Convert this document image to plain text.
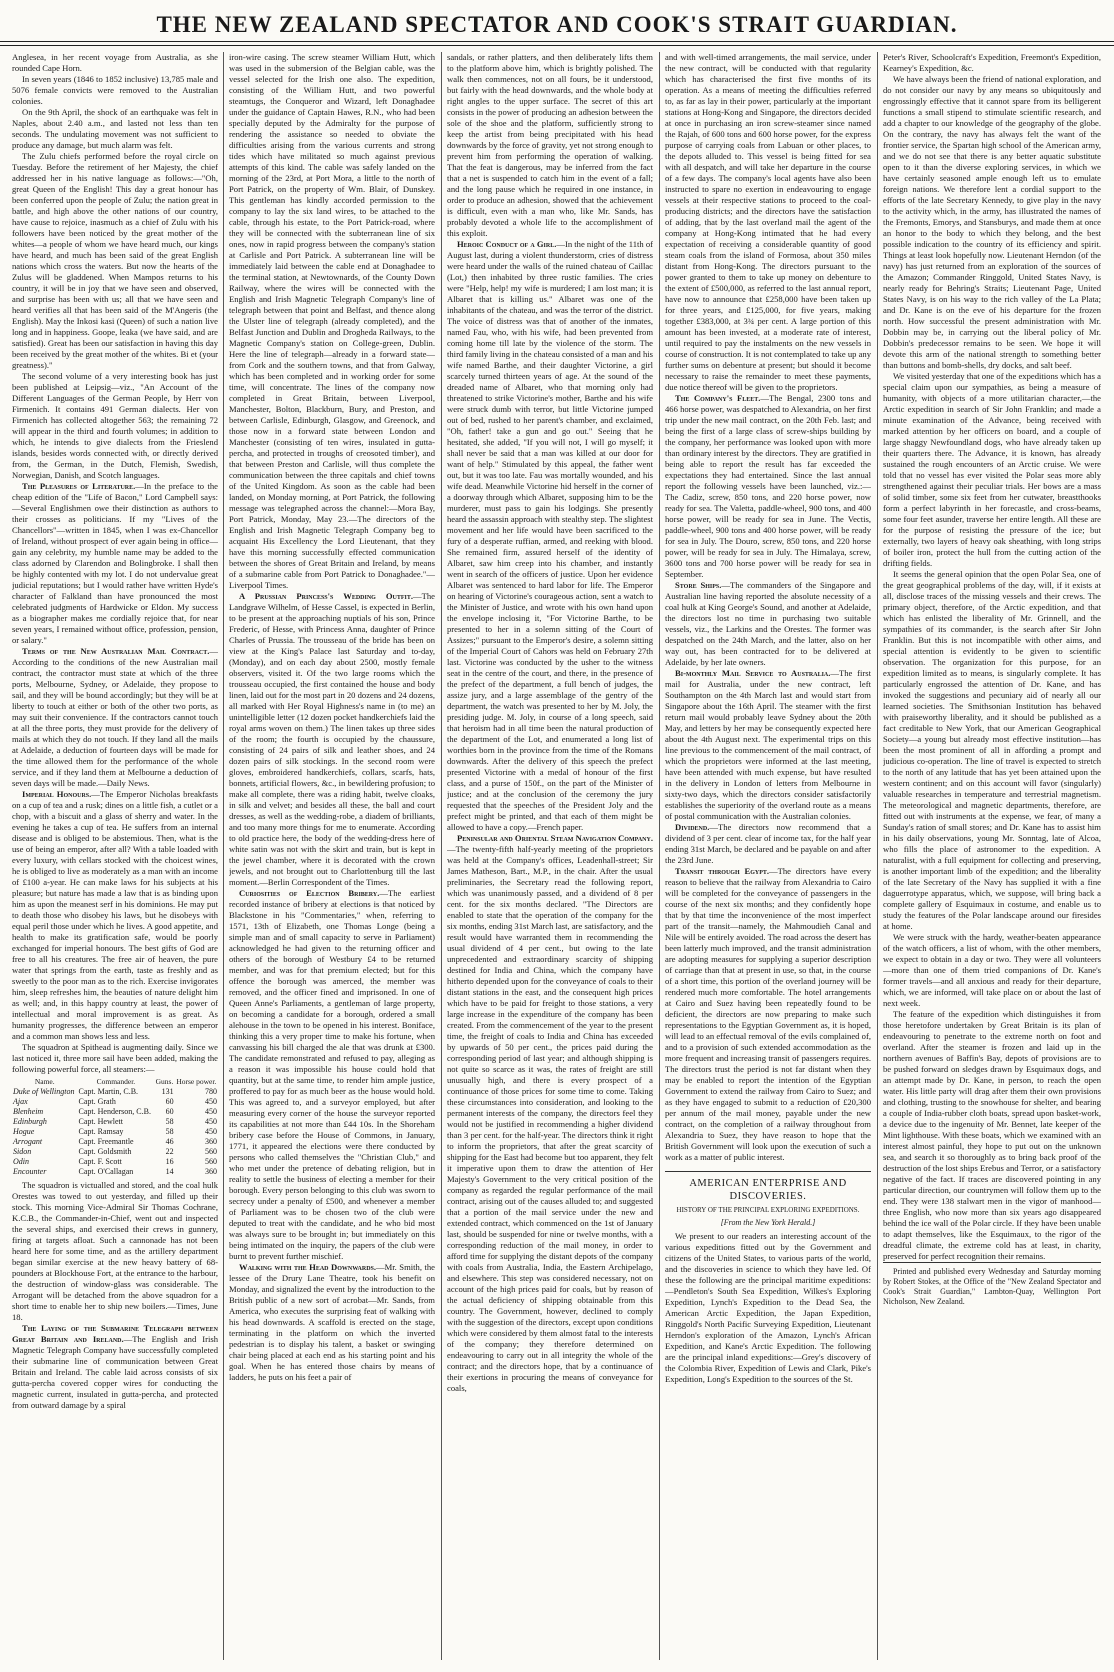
THE NEW ZEALAND SPECTATOR AND COOK'S STRAIT GUARDIAN.

Anglesea, in her recent voyage from Australia, as she rounded Cape Horn.

In seven years (1846 to 1852 inclusive) 13,785 male and 5076 female convicts were removed to the Australian colonies.

On the 9th April, the shock of an earthquake was felt in Naples, about 2.40 a.m., and lasted not less than ten seconds. The undulating movement was not sufficient to produce any damage, but much alarm was felt.

The Zulu chiefs performed before the royal circle on Tuesday. Before the retirement of her Majesty, the chief addressed her in his native language as follows:—"Oh, great Queen of the English! This day a great honour has been conferred upon the people of Zulu; the nation great in battle, and high above the other nations of our country, have cause to rejoice, inasmuch as a chief of Zulu with his followers have been noticed by the great mother of the whites—a people of whom we have heard much, our kings have heard, and much has been said of the great English nations which cross the waters. But now the hearts of the Zulus will be gladdened. When Mampos returns to his country, it will be in joy that we have seen and observed, and surprise has been with us; all that we have seen and heard verifies all that has been said of the M'Angeris (the English). May the Inkosi kasi (Queen) of such a nation live long and in happiness. Goope, leaka (we have said, and are satisfied). Great has been our satisfaction in having this day been received by the great mother of the whites. Bi et (your greatness)."

The second volume of a very interesting book has just been published at Leipsig—viz., "An Account of the Different Languages of the German People, by Herr von Firmenich. It contains 491 German dialects. Her von Firmenich has collected altogether 563; the remaining 72 will appear in the third and fourth volumes; in addition to which, he intends to give dialects from the Frieslend islands, besides words connected with, or directly derived from, the German, in the Dutch, Flemish, Swedish, Norwegian, Danish, and Scotch languages.

The Pleasures of Literature.—In the preface to the cheap edition of the "Life of Bacon," Lord Campbell says:—Several Englishmen owe their distinction as authors to their crosses as politicians. If my "Lives of the Chancellors"—written in 1845, when I was ex-Chancellor of Ireland, without prospect of ever again being in office—gain any celebrity, my humble name may be added to the class adorned by Clarendon and Bolingbroke. I shall then be highly contented with my lot. I do not undervalue great judicial reputations; but I would rather have written Hyde's character of Falkland than have pronounced the most celebrated judgments of Hardwicke or Eldon. My success as a biographer makes me cordially rejoice that, for near seven years, I remained without office, profession, pension, or salary."

Terms of the New Australian Mail Contract.—According to the conditions of the new Australian mail contract, the contractor must state at which of the three ports, Melbourne, Sydney, or Adelaide, they propose to sail, and they will be bound accordingly; but they will be at liberty to touch at either or both of the other two ports, as may suit their convenience. If the contractors cannot touch at all the three ports, they must provide for the delivery of mails at which they do not touch. If they land all the mails at Adelaide, a deduction of fourteen days will be made for the time allowed them for the performance of the whole service, and if they land them at Melbourne a deduction of seven days will be made.—Daily News.

Imperial Honours.—The Emperor Nicholas breakfasts on a cup of tea and a rusk; dines on a little fish, a cutlet or a chop, with a biscuit and a glass of sherry and water. In the evening he takes a cup of tea. He suffers from an internal disease and is obliged to be abstemious. Then, what is the use of being an emperor, after all? With a table loaded with every luxury, with cellars stocked with the choicest wines, he is obliged to live as moderately as a man with an income of £100 a-year. He can make laws for his subjects at his pleasure; but nature has made a law that is as binding upon him as upon the meanest serf in his dominions. He may put to death those who disobey his laws, but he disobeys with equal peril those under which he lives. A good appetite, and health to make its gratification safe, would be poorly exchanged for imperial honours. The best gifts of God are free to all his creatures. The free air of heaven, the pure water that springs from the earth, taste as freshly and as sweetly to the poor man as to the rich. Exercise invigorates him, sleep refreshes him, the beauties of nature delight him as well; and, in this happy country at least, the power of intellectual and moral improvement is as great. As humanity progresses, the difference between an emperor and a common man shows less and less.

The squadron at Spithead is augmenting daily. Since we last noticed it, three more sail have been added, making the following powerful force, all steamers:—

Name.	Commander.	Guns.	Horse power.
Duke of Wellington	Capt. Martin, C.B.	131	780
Ajax	Capt. Grath	60	450
Blenheim	Capt. Henderson, C.B.	60	450
Edinburgh	Capt. Hewlett	58	450
Hogue	Capt. Ramsay	58	450
Arrogant	Capt. Freemantle	46	360
Sidon	Capt. Goldsmith	22	560
Odin	Capt. F. Scott	16	560
Encounter	Capt. O'Callagan	14	360

The squadron is victualled and stored, and the coal hulk Orestes was towed to out yesterday, and filled up their stock. This morning Vice-Admiral Sir Thomas Cochrane, K.C.B., the Commander-in-Chief, went out and inspected the several ships, and exercised their crews in gunnery, firing at targets afloat. Such a cannonade has not been heard here for some time, and as the artillery department began similar exercise at the new heavy battery of 68-pounders at Blockhouse Fort, at the entrance to the harbour, the destruction of window-glass was considerable. The Arrogant will be detached from the above squadron for a short time to enable her to ship new boilers.—Times, June 18.

The Laying of the Submarine Telegraph between Great Britain and Ireland.—The English and Irish Magnetic Telegraph Company have successfully completed their submarine line of communication between Great Britain and Ireland. The cable laid across consists of six gutta-percha covered copper wires for conducting the magnetic current, insulated in gutta-percha, and protected from outward damage by a spiral

iron-wire casing. The screw steamer William Hutt, which was used in the submersion of the Belgian cable, was the vessel selected for the Irish one also. The expedition, consisting of the William Hutt, and two powerful steamtugs, the Conqueror and Wizard, left Donaghadee under the guidance of Captain Hawes, R.N., who had been specially deputed by the Admiralty for the purpose of rendering the assistance so needed to obviate the difficulties arising from the various currents and strong tides which have militated so much against previous attempts of this kind. The cable was safely landed on the morning of the 23rd, at Port Mora, a little to the north of Port Patrick, on the property of Wm. Blair, of Dunskey. This gentleman has kindly accorded permission to the company to lay the six land wires, to be attached to the cable, through his estate, to the Port Patrick-road, where they will be connected with the subterranean line of six ones, now in rapid progress between the company's station at Carlisle and Port Patrick. A subterranean line will be immediately laid between the cable end at Donaghadee to the terminal station, at Newtownards, of the County Down Railway, where the wires will be connected with the English and Irish Magnetic Telegraph Company's line of telegraph between that point and Belfast, and thence along the Ulster line of telegraph (already completed), and the Belfast Junction and Dublin and Drogheda Railways, to the Magnetic Company's station on College-green, Dublin. Here the line of telegraph—already in a forward state—from Cork and the southern towns, and that from Galway, which has been completed and in working order for some time, will concentrate. The lines of the company now completed in Great Britain, between Liverpool, Manchester, Bolton, Blackburn, Bury, and Preston, and between Carlisle, Edinburgh, Glasgow, and Greenock, and those now in a forward state between London and Manchester (consisting of ten wires, insulated in gutta-percha, and protected in troughs of creosoted timber), and that between Preston and Carlisle, will thus complete the communication between the three capitals and chief towns of the United Kingdom. As soon as the cable had been landed, on Monday morning, at Port Patrick, the following message was telegraphed across the channel:—Mora Bay, Port Patrick, Monday, May 23.—The directors of the English and Irish Magnetic Telegraph Company beg to acquaint His Excellency the Lord Lieutenant, that they have this morning successfully effected communication between the shores of Great Britain and Ireland, by means of a submarine cable from Port Patrick to Donaghadee."—Liverpool Times.

A Prussian Princess's Wedding Outfit.—The Landgrave Wilhelm, of Hesse Cassel, is expected in Berlin, to be present at the approaching nuptials of his son, Prince Frederic, of Hesse, with Princess Anna, daughter of Prince Charles of Prussia. The trousseau of the bride has been on view at the King's Palace last Saturday and to-day, (Monday), and on each day about 2500, mostly female observers, visited it. Of the two large rooms which the trousseau occupied, the first contained the house and body linen, laid out for the most part in 20 dozens and 24 dozens, all marked with Her Royal Highness's name in (to me) an unintelligible letter (12 dozen pocket handkerchiefs laid the royal arms woven on them.) The linen takes up three sides of the room; the fourth is occupied by the chaussure, consisting of 24 pairs of silk and leather shoes, and 24 dozen pairs of silk stockings. In the second room were gloves, embroidered handkerchiefs, collars, scarfs, hats, bonnets, artificial flowers, &c., in bewildering profusion; to make all complete, there was a riding habit, twelve cloaks, in silk and velvet; and besides all these, the ball and court dresses, as well as the wedding-robe, a diadem of brilliants, and too many more things for me to enumerate. According to old practice here, the body of the wedding-dress here of white satin was not with the skirt and train, but is kept in the jewel chamber, where it is decorated with the crown jewels, and not brought out to Charlottenburg till the last moment.—Berlin Correspondent of the Times.

Curiosities of Election Bribery.—The earliest recorded instance of bribery at elections is that noticed by Blackstone in his "Commentaries," when, referring to 1571, 13th of Elizabeth, one Thomas Longe (being a simple man and of small capacity to serve in Parliament) acknowledged he had given to the returning officer and others of the borough of Westbury £4 to be returned member, and was for that premium elected; but for this offence the borough was amerced, the member was removed, and the officer fined and imprisoned. In one of Queen Anne's Parliaments, a gentleman of large property, on becoming a candidate for a borough, ordered a small alehouse in the town to be opened in his interest. Boniface, thinking this a very proper time to make his fortune, when canvassing his bill charged the ale that was drunk at £300. The candidate remonstrated and refused to pay, alleging as a reason it was impossible his house could hold that quantity, but at the same time, to render him ample justice, proffered to pay for as much beer as the house would hold. This was agreed to, and a surveyor employed, but after measuring every corner of the house the surveyor reported its capabilities at not more than £44 10s. In the Shoreham bribery case before the House of Commons, in January, 1771, it appeared the elections were there conducted by persons who called themselves the "Christian Club," and who met under the pretence of debating religion, but in reality to settle the business of electing a member for their borough. Every person belonging to this club was sworn to secrecy under a penalty of £500, and whenever a member of Parliament was to be chosen two of the club were deputed to treat with the candidate, and he who bid most was always sure to be brought in; but immediately on this being intimated on the inquiry, the papers of the club were burnt to prevent further mischief.

Walking with the Head Downwards.—Mr. Smith, the lessee of the Drury Lane Theatre, took his benefit on Monday, and signalized the event by the introduction to the British public of a new sort of acrobat—Mr. Sands, from America, who executes the surprising feat of walking with his head downwards. A scaffold is erected on the stage, terminating in the platform on which the inverted pedestrian is to display his talent, a basket or swinging chair being placed at each end as his starting point and his goal. When he has entered those chairs by means of ladders, he puts on his feet a pair of

sandals, or rather platters, and then deliberately lifts them to the platform above him, which is brightly polished. The walk then commences, not on all fours, be it understood, but fairly with the head downwards, and the whole body at right angles to the upper surface. The secret of this art consists in the power of producing an adhesion between the sole of the shoe and the platform, sufficiently strong to keep the artist from being precipitated with his head downwards by the force of gravity, yet not strong enough to prevent him from performing the operation of walking. That the feat is dangerous, may be inferred from the fact that a net is suspended to catch him in the event of a fall; and the long pause which he required in one instance, in order to produce an adhesion, showed that the achievement is difficult, even with a man who, like Mr. Sands, has probably devoted a whole life to the accomplishment of this exploit.

Heroic Conduct of a Girl.—In the night of the 11th of August last, during a violent thunderstorm, cries of distress were heard under the walls of the ruined chateau of Caillac (Lot,) then inhabited by three rustic families. The cries were "Help, help! my wife is murdered; I am lost man; it is Albaret that is killing us." Albaret was one of the inhabitants of the chateau, and was the terror of the district. The voice of distress was that of another of the inmates, named Fau, who, with his wife, had been prevented from coming home till late by the violence of the storm. The third family living in the chateau consisted of a man and his wife named Barthe, and their daughter Victorine, a girl scarcely turned thirteen years of age. At the sound of the dreaded name of Albaret, who that morning only had threatened to strike Victorine's mother, Barthe and his wife were struck dumb with terror, but little Victorine jumped out of bed, rushed to her parent's chamber, and exclaimed, "Oh, father! take a gun and go out." Seeing that he hesitated, she added, "If you will not, I will go myself; it shall never be said that a man was killed at our door for want of help." Stimulated by this appeal, the father went out, but it was too late. Fau was mortally wounded, and his wife dead. Meanwhile Victorine hid herself in the corner of a doorway through which Albaret, supposing him to be the murderer, must pass to gain his lodgings. She presently heard the assassin approach with stealthy step. The slightest movement and her life would have been sacrificed to the fury of a desperate ruffian, armed, and reeking with blood. She remained firm, assured herself of the identity of Albaret, saw him creep into his chamber, and instantly went in search of the officers of justice. Upon her evidence Albaret was sentenced to hard labor for life. The Emperor on hearing of Victorine's courageous action, sent a watch to the Minister of Justice, and wrote with his own hand upon the envelope inclosing it, "For Victorine Barthe, to be presented to her in a solemn sitting of the Court of Assizes;" pursuant to the Emperor's desire, a solemn sitting of the Imperial Court of Cahors was held on February 27th last. Victorine was conducted by the usher to the witness seat in the centre of the court, and there, in the presence of the prefect of the department, a full bench of judges, the assize jury, and a large assemblage of the gentry of the department, the watch was presented to her by M. Joly, the presiding judge. M. Joly, in course of a long speech, said that heroism had in all time been the natural production of the department of the Lot, and enumerated a long list of worthies born in the province from the time of the Romans downwards. After the delivery of this speech the prefect presented Victorine with a medal of honour of the first class, and a purse of 150f., on the part of the Minister of justice; and at the conclusion of the ceremony the jury requested that the speeches of the President Joly and the prefect might be printed, and that each of them might be allowed to have a copy.—French paper.

Peninsular and Oriental Steam Navigation Company.—The twenty-fifth half-yearly meeting of the proprietors was held at the Company's offices, Leadenhall-street; Sir James Matheson, Bart., M.P., in the chair. After the usual preliminaries, the Secretary read the following report, which was unanimously passed, and a dividend of 8 per cent. for the six months declared. "The Directors are enabled to state that the operation of the company for the six months, ending 31st March last, are satisfactory, and the result would have warranted them in recommending the usual dividend of 4 per cent., but owing to the late unprecedented and extraordinary scarcity of shipping destined for India and China, which the company have hitherto depended upon for the conveyance of coals to their distant stations in the east, and the consequent high prices which have to be paid for freight to those stations, a very large increase in the expenditure of the company has been created. From the commencement of the year to the present time, the freight of coals to India and China has exceeded by upwards of 50 per cent., the prices paid during the corresponding period of last year; and although shipping is not quite so scarce as it was, the rates of freight are still unusually high, and there is every prospect of a continuance of those prices for some time to come. Taking these circumstances into consideration, and looking to the permanent interests of the company, the directors feel they would not be justified in recommending a higher dividend than 3 per cent. for the half-year. The directors think it right to inform the proprietors, that after the great scarcity of shipping for the East had become but too apparent, they felt it imperative upon them to draw the attention of Her Majesty's Government to the very critical position of the company as regarded the regular performance of the mail contract, arising out of the causes alluded to; and suggested that a portion of the mail service under the new and extended contract, which commenced on the 1st of January last, should be suspended for nine or twelve months, with a corresponding reduction of the mail money, in order to afford time for supplying the distant depots of the company with coals from Australia, India, the Eastern Archipelago, and elsewhere. This step was considered necessary, not on account of the high prices paid for coals, but by reason of the actual deficiency of shipping obtainable from this country. The Government, however, declined to comply with the suggestion of the directors, except upon conditions which were considered by them almost fatal to the interests of the company; they therefore determined on endeavouring to carry out in all integrity the whole of the contract; and the directors hope, that by a continuance of their exertions in procuring the means of conveyance for coals,

and with well-timed arrangements, the mail service, under the new contract, will be conducted with that regularity which has characterised the first five months of its operation. As a means of meeting the difficulties referred to, as far as lay in their power, particularly at the important stations at Hong-Kong and Singapore, the directors decided at once in purchasing an iron screw-steamer since named the Rajah, of 600 tons and 600 horse power, for the express purpose of carrying coals from Labuan or other places, to the depots alluded to. This vessel is being fitted for sea with all despatch, and will take her departure in the course of a few days. The company's local agents have also been instructed to spare no exertion in endeavouring to engage vessels at their respective stations to proceed to the coal-producing districts; and the directors have the satisfaction of adding, that by the last overland mail the agent of the company at Hong-Kong intimated that he had every expectation of receiving a considerable quantity of good steam coals from the island of Formosa, about 350 miles distant from Hong-Kong. The directors pursuant to the power granted to them to take up money on debenture to the extent of £500,000, as referred to the last annual report, have now to announce that £258,000 have been taken up for three years, and £125,000, for five years, making together £383,000, at 3¾ per cent. A large portion of this amount has been invested, at a moderate rate of interest, until required to pay the instalments on the new vessels in course of construction. It is not contemplated to take up any further sums on debenture at present; but should it become necessary to raise the remainder to meet these payments, due notice thereof will be given to the proprietors.

The Company's Fleet.—The Bengal, 2300 tons and 466 horse power, was despatched to Alexandria, on her first trip under the new mail contract, on the 20th Feb. last; and being the first of a large class of screw-ships building by the company, her performance was looked upon with more than ordinary interest by the directors. They are gratified in being able to report the result has far exceeded the expectations they had entertained. Since the last annual report the following vessels have been launched, viz.:—The Cadiz, screw, 850 tons, and 220 horse power, now ready for sea. The Valetta, paddle-wheel, 900 tons, and 400 horse power, will be ready for sea in June. The Vectis, paddle-wheel, 900 tons and 400 horse power, will be ready for sea in July. The Douro, screw, 850 tons, and 220 horse power, will be ready for sea in July. The Himalaya, screw, 3600 tons and 700 horse power will be ready for sea in September.

Store Ships.—The commanders of the Singapore and Australian line having reported the absolute necessity of a coal hulk at King George's Sound, and another at Adelaide, the directors lost no time in purchasing two suitable vessels, viz., the Larkins and the Orestes. The former was despatched on the 24th March, and the latter, also on her way out, has been contracted for to be delivered at Adelaide, by her late owners.

Bi-monthly Mail Service to Australia.—The first mail for Australia, under the new contract, left Southampton on the 4th March last and would start from Singapore about the 16th April. The steamer with the first return mail would probably leave Sydney about the 20th May, and letters by her may be consequently expected here about the 4th August next. The experimental trips on this line previous to the commencement of the mail contract, of which the proprietors were informed at the last meeting, have been attended with much expense, but have resulted in the delivery in London of letters from Melbourne in sixty-two days, which the directors consider satisfactorily establishes the superiority of the overland route as a means of postal communication with the Australian colonies.

Dividend.—The directors now recommend that a dividend of 3 per cent. clear of income tax, for the half year ending 31st March, be declared and be payable on and after the 23rd June.

Transit through Egypt.—The directors have every reason to believe that the railway from Alexandria to Cairo will be completed for the conveyance of passengers in the course of the next six months; and they confidently hope that by that time the inconvenience of the most imperfect part of the transit—namely, the Mahmoudieh Canal and Nile will be entirely avoided. The road across the desert has been latterly much improved, and the transit administration are adopting measures for supplying a superior description of carriage than that at present in use, so that, in the course of a short time, this portion of the overland journey will be rendered much more comfortable. The hotel arrangements at Cairo and Suez having been repeatedly found to be deficient, the directors are now preparing to make such representations to the Egyptian Government as, it is hoped, will lead to an effectual removal of the evils complained of, and to a provision of such extended accommodation as the more frequent and increasing transit of passengers requires. The directors trust the period is not far distant when they may be enabled to report the intention of the Egyptian Government to extend the railway from Cairo to Suez; and as they have engaged to submit to a reduction of £20,300 per annum of the mail money, payable under the new contract, on the completion of a railway throughout from Alexandria to Suez, they have reason to hope that the British Government will look upon the execution of such a work as a matter of public interest.

AMERICAN ENTERPRISE AND DISCOVERIES.
HISTORY OF THE PRINCIPAL EXPLORING EXPEDITIONS.
[From the New York Herald.]

We present to our readers an interesting account of the various expeditions fitted out by the Government and citizens of the United States, to various parts of the world, and the discoveries in science to which they have led. Of these the following are the principal maritime expeditions:—Pendleton's South Sea Expedition, Wilkes's Exploring Expedition, Lynch's Expedition to the Dead Sea, the American Arctic Expedition, the Japan Expedition, Ringgold's North Pacific Surveying Expedition, Lieutenant Herndon's exploration of the Amazon, Lynch's African Expedition, and Kane's Arctic Expedition. The following are the principal inland expeditions:—Grey's discovery of the Colombia River, Expedition of Lewis and Clark, Pike's Expedition, Long's Expedition to the sources of the St.

Peter's River, Schoolcraft's Expedition, Freemont's Expedition, Kearney's Expedition, &c.

We have always been the friend of national exploration, and do not consider our navy by any means so ubiquitously and engrossingly effective that it cannot spare from its belligerent functions a small stipend to stimulate scientific research, and add a chapter to our knowledge of the geography of the globe. On the contrary, the navy has always felt the want of the frontier service, the Spartan high school of the American army, and we do not see that there is any better aquatic substitute open to it than the diverse exploring services, in which we have certainly seasoned ample enough left us to emulate foreign nations. We therefore lent a cordial support to the efforts of the late Secretary Kennedy, to give play in the navy to the activity which, in the army, has illustrated the names of the Fremonts, Emorys, and Stansburys, and made them at once an honor to the body to which they belong, and the best possible indication to the country of its efficiency and spirit. Things at least look hopefully now. Lieutenant Herndon (of the navy) has just returned from an exploration of the sources of the Amazon; Commander Ringgold, United States Navy, is nearly ready for Behring's Straits; Lieutenant Page, United States Navy, is on his way to the rich valley of the La Plata; and Dr. Kane is on the eve of his departure for the frozen north. How successful the present administration with Mr. Dobbin may be, in carrying out the liberal policy of Mr. Dobbin's predecessor remains to be seen. We hope it will devote this arm of the national strength to something better than buttons and bomb-shells, dry docks, and salt beef.

We visited yesterday that one of the expeditions which has a special claim upon our sympathies, as being a measure of humanity, with objects of a more utilitarian character,—the Arctic expedition in search of Sir John Franklin; and made a minute examination of the Advance, being received with marked attention by her officers on board, and a couple of large shaggy Newfoundland dogs, who have already taken up their quarters there. The Advance, it is known, has already sustained the rough encounters of an Arctic cruise. We were told that no vessel has ever visited the Polar seas more ably strengthened against their peculiar trials. Her bows are a mass of solid timber, some six feet from her cutwater, breastthooks form a perfect labyrinth in her forecastle, and cross-beams, some four feet asunder, traverse her entire length. All these are for the purpose of resisting the pressure of the ice; but externally, two layers of heavy oak sheathing, with long strips of boiler iron, protect the hull from the cutting action of the drifting fields.

It seems the general opinion that the open Polar Sea, one of the great geographical problems of the day, will, if it exists at all, disclose traces of the missing vessels and their crews. The primary object, therefore, of the Arctic expedition, and that which has enlisted the liberality of Mr. Grinnell, and the sympathies of its commander, is the search after Sir John Franklin. But this is not incompatible with other aims, and special attention is evidently to be given to scientific observation. The organization for this purpose, for an expedition limited as to means, is singularly complete. It has particularly engrossed the attention of Dr. Kane, and has invoked the suggestions and pecuniary aid of nearly all our learned societies. The Smithsonian Institution has behaved with praiseworthy liberality, and it should be published as a fact creditable to New York, that our American Geographical Society—a young but already most effective institution—has been the most prominent of all in affording a prompt and judicious co-operation. The line of travel is expected to stretch to the north of any latitude that has yet been attained upon the western continent; and on this account will favor (singularly) valuable researches in temperature and terrestrial magnetism. The meteorological and magnetic departments, therefore, are fitted out with instruments at the expense, we fear, of many a Sunday's ration of small stores; and Dr. Kane has to assist him in his daily observations, young Mr. Sonntag, late of Alcoa, who fills the place of astronomer to the expedition. A naturalist, with a full equipment for collecting and preserving, is another important limb of the expedition; and the liberality of the late Secretary of the Navy has supplied it with a fine daguerrotype apparatus, which, we suppose, will bring back a complete gallery of Esquimaux in costume, and enable us to study the features of the Polar landscape around our firesides at home.

We were struck with the hardy, weather-beaten appearance of the watch officers, a list of whom, with the other members, we expect to obtain in a day or two. They were all volunteers—more than one of them tried companions of Dr. Kane's former travels—and all anxious and ready for their departure, which, we are informed, will take place on or about the last of next week.

The feature of the expedition which distinguishes it from those heretofore undertaken by Great Britain is its plan of endeavouring to penetrate to the extreme north on foot and overland. After the steamer is frozen and laid up in the northern avenues of Baffin's Bay, depots of provisions are to be pushed forward on sledges drawn by Esquimaux dogs, and an attempt made by Dr. Kane, in person, to reach the open water. His little party will drag after them their own provisions and clothing, trusting to the snowhouse for shelter, and bearing a couple of India-rubber cloth boats, spread upon basket-work, a device due to the ingenuity of Mr. Bennet, late keeper of the Mint lighthouse. With these boats, which we examined with an interest almost painful, they hope to put out on the unknown sea, and search it so thoroughly as to bring back proof of the destruction of the lost ships Erebus and Terror, or a satisfactory negative of the fact. If traces are discovered pointing in any particular direction, our countrymen will follow them up to the end. They were 138 stalwart men in the vigor of manhood—three English, who now more than six years ago disappeared behind the ice wall of the Polar circle. If they have been unable to adapt themselves, like the Esquimaux, to the rigor of the dreadful climate, the extreme cold has at least, in charity, preserved for perfect recognition their remains.

Printed and published every Wednesday and Saturday morning by Robert Stokes, at the Office of the "New Zealand Spectator and Cook's Strait Guardian," Lambton-Quay, Wellington Port Nicholson, New Zealand.
